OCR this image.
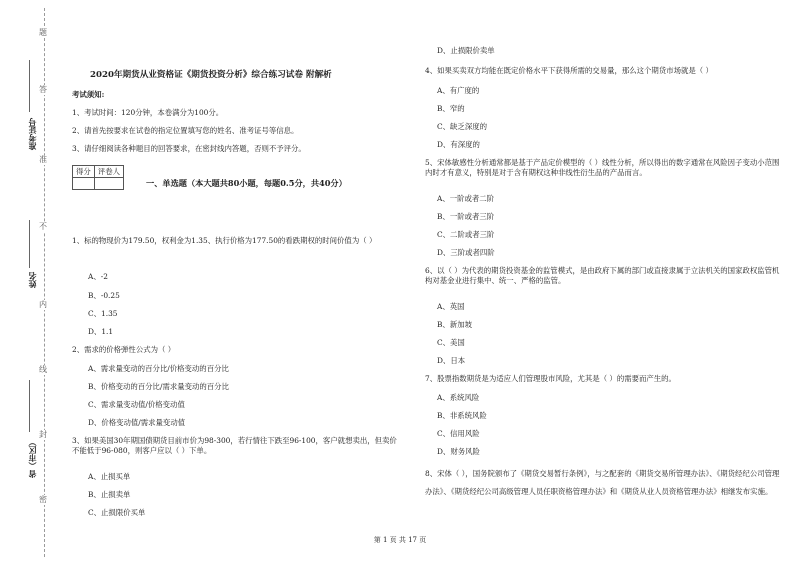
题
答
准
不
内
线
封
密
准考证号
姓名
省（市区）
2020年期货从业资格证《期货投资分析》综合练习试卷 附解析
考试须知:
1、考试时间：120分钟，本卷满分为100分。
2、请首先按要求在试卷的指定位置填写您的姓名、准考证号等信息。
3、请仔细阅读各种题目的回答要求，在密封线内答题，否则不予评分。
1、标的物现价为179.50，权利金为1.35、执行价格为177.50的看跌期权的时间价值为（ ）
A、-2
B、-0.25
C、1.35
D、1.1
2、需求的价格弹性公式为（ ）
A、需求量变动的百分比/价格变动的百分比
B、价格变动的百分比/需求量变动的百分比
C、需求量变动值/价格变动值
D、价格变动值/需求量变动值
3、如果美国30年期国债期货目前市价为98-300，若行情往下跌至96-100，客户就想卖出，但卖价不能低于96-080，则客户应以（ ）下单。
A、止损买单
B、止损卖单
C、止损限价买单
得分	评卷人

一、单选题（本大题共80小题，每题0.5分，共40分）
D、止损限价卖单
4、如果买卖双方均能在既定价格水平下获得所需的交易量，那么这个期货市场就是（ ）
A、有广度的
B、窄的
C、缺乏深度的
D、有深度的
5、宋体敏感性分析通常都是基于产品定价模型的（ ）线性分析，所以得出的数字通常在风险因子变动小范围内时才有意义，特别是对于含有期权这种非线性衍生品的产品而言。
A、一阶或者二阶
B、一阶或者三阶
C、二阶或者三阶
D、三阶或者四阶
6、以（ ）为代表的期货投资基金的监管模式，是由政府下属的部门或直接隶属于立法机关的国家政权监管机构对基金业进行集中、统一、严格的监管。
A、英国
B、新加坡
C、美国
D、日本
7、股票指数期货是为适应人们管理股市风险，尤其是（ ）的需要而产生的。
A、系统风险
B、非系统风险
C、信用风险
D、财务风险
8、宋体（ ），国务院颁布了《期货交易暂行条例》，与之配套的《期货交易所管理办法》、《期货经纪公司管理办法》、《期货经纪公司高级管理人员任职资格管理办法》和《期货从业人员资格管理办法》相继发布实施。
第 1 页 共 17 页
